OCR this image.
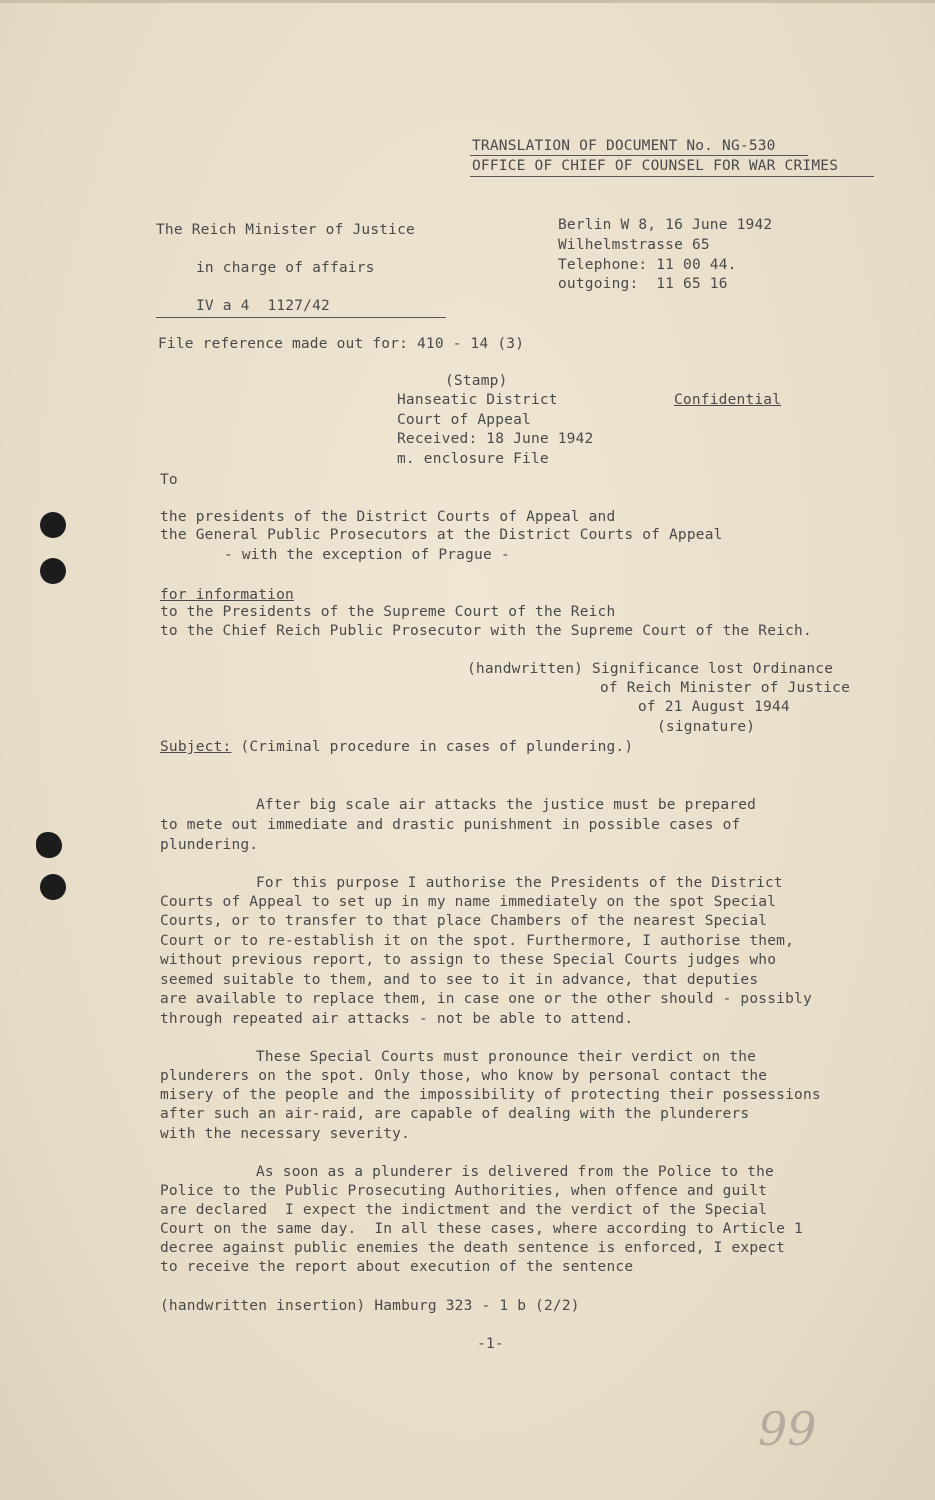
TRANSLATION OF DOCUMENT No. NG-530
OFFICE OF CHIEF OF COUNSEL FOR WAR CRIMES
The Reich Minister of Justice
in charge of affairs
IV a 4  1127/42
Berlin W 8, 16 June 1942
Wilhelmstrasse 65
Telephone: 11 00 44.
outgoing:  11 65 16
File reference made out for: 410 - 14 (3)
(Stamp)
Hanseatic District
Court of Appeal
Received: 18 June 1942
m. enclosure File
Confidential
To
the presidents of the District Courts of Appeal and
the General Public Prosecutors at the District Courts of Appeal
- with the exception of Prague -
for information
to the Presidents of the Supreme Court of the Reich
to the Chief Reich Public Prosecutor with the Supreme Court of the Reich.
(handwritten) Significance lost Ordinance
of Reich Minister of Justice
of 21 August 1944
(signature)
Subject: (Criminal procedure in cases of plundering.)
After big scale air attacks the justice must be prepared
to mete out immediate and drastic punishment in possible cases of
plundering.
For this purpose I authorise the Presidents of the District
Courts of Appeal to set up in my name immediately on the spot Special
Courts, or to transfer to that place Chambers of the nearest Special
Court or to re-establish it on the spot. Furthermore, I authorise them,
without previous report, to assign to these Special Courts judges who
seemed suitable to them, and to see to it in advance, that deputies
are available to replace them, in case one or the other should - possibly
through repeated air attacks - not be able to attend.
These Special Courts must pronounce their verdict on the
plunderers on the spot. Only those, who know by personal contact the
misery of the people and the impossibility of protecting their possessions
after such an air-raid, are capable of dealing with the plunderers
with the necessary severity.
As soon as a plunderer is delivered from the Police to the
Police to the Public Prosecuting Authorities, when offence and guilt
are declared  I expect the indictment and the verdict of the Special
Court on the same day.  In all these cases, where according to Article 1
decree against public enemies the death sentence is enforced, I expect
to receive the report about execution of the sentence
(handwritten insertion) Hamburg 323 - 1 b (2/2)
-1-
99
